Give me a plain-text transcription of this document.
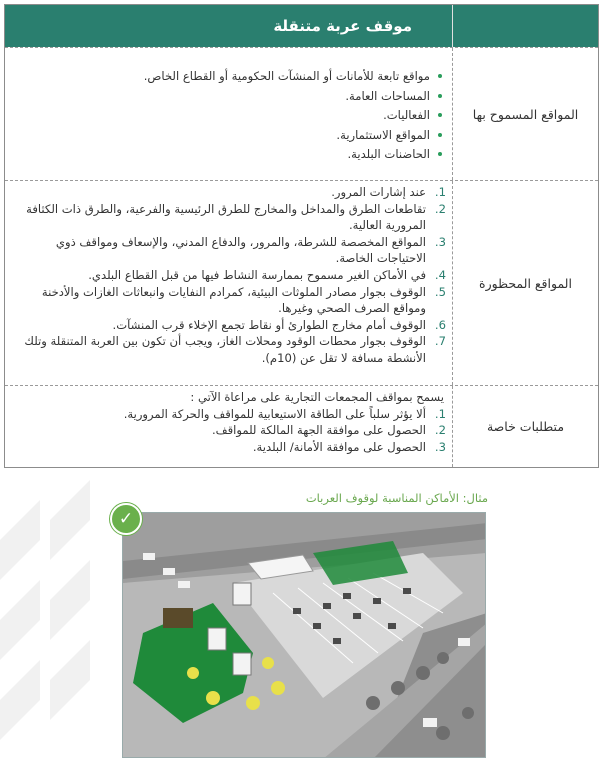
موقف عربة متنقلة
المواقع المسموح بها
مواقع تابعة للأمانات أو المنشآت الحكومية أو القطاع الخاص.
المساحات العامة.
الفعاليات.
المواقع الاستثمارية.
الحاضنات البلدية.
المواقع المحظورة
1.
عند إشارات المرور.
2.
تقاطعات الطرق والمداخل والمخارج للطرق الرئيسية والفرعية، والطرق ذات الكثافة المرورية العالية.
3.
المواقع المخصصة للشرطة، والمرور، والدفاع المدني، والإسعاف ومواقف ذوي الاحتياجات الخاصة.
4.
في الأماكن الغير مسموح بممارسة النشاط فيها من قبل القطاع البلدي.
5.
الوقوف بجوار مصادر الملوثات البيئية، كمرادم النفايات وانبعاثات الغازات والأدخنة ومواقع الصرف الصحي وغيرها.
6.
الوقوف أمام مخارج الطوارئ أو نقاط تجمع الإخلاء قرب المنشآت.
7.
الوقوف بجوار محطات الوقود ومحلات الغاز، ويجب أن تكون بين العربة المتنقلة وتلك الأنشطة مسافة لا تقل عن (10م).
متطلبات خاصة
يسمح بمواقف المجمعات التجارية على مراعاة الآتي :
1.
ألا يؤثر سلباً على الطاقة الاستيعابية للمواقف والحركة المرورية.
2.
الحصول على موافقة الجهة المالكة للمواقف.
3.
الحصول على موافقة الأمانة/ البلدية.
مثال: الأماكن المناسبة لوقوف العربات
✓
